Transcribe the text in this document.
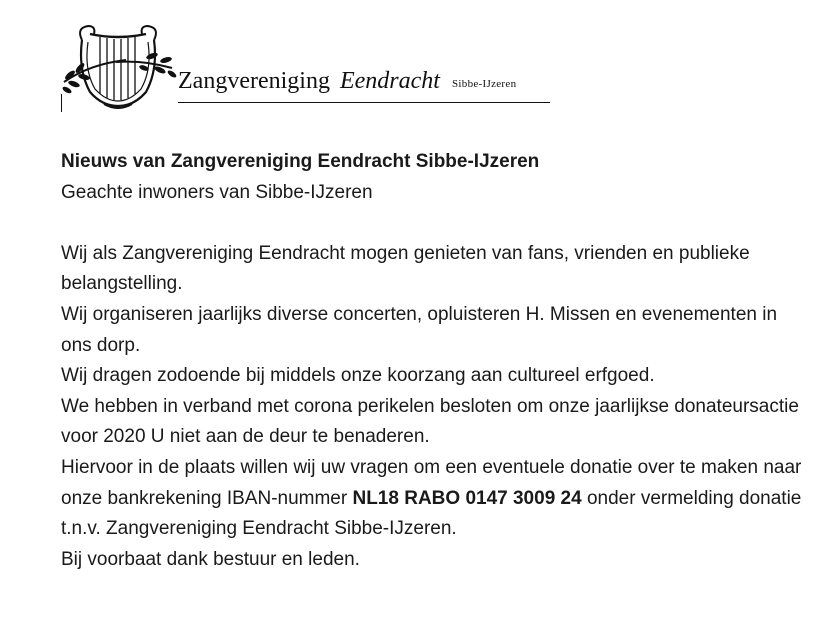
Zangvereniging Eendracht Sibbe-IJzeren

Nieuws van Zangvereniging Eendracht Sibbe-IJzeren

Geachte inwoners van Sibbe-IJzeren

Wij als Zangvereniging Eendracht mogen genieten van fans, vrienden en publieke belangstelling.

Wij organiseren jaarlijks diverse concerten, opluisteren H. Missen en evenementen in ons dorp.

Wij dragen zodoende bij middels onze koorzang aan cultureel erfgoed.

We hebben in verband met corona perikelen besloten om onze jaarlijkse donateursactie voor 2020 U niet aan de deur te benaderen.

Hiervoor in de plaats willen wij uw vragen om een eventuele donatie over te maken naar onze bankrekening IBAN-nummer NL18 RABO 0147 3009 24 onder vermelding donatie t.n.v. Zangvereniging Eendracht Sibbe-IJzeren.

Bij voorbaat dank bestuur en leden.
